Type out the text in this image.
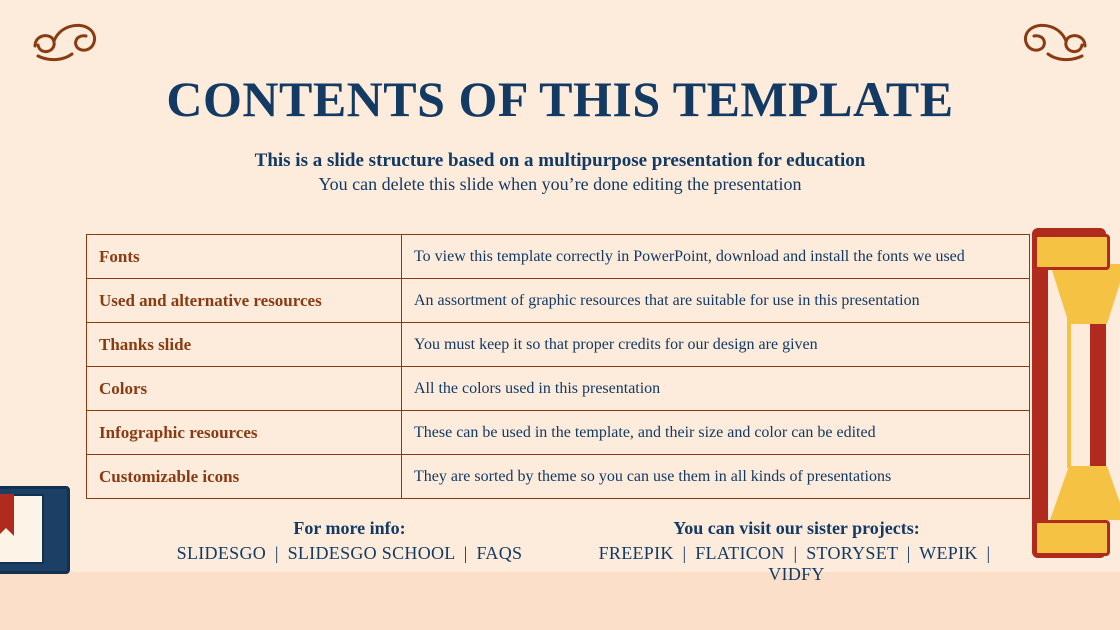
CONTENTS OF THIS TEMPLATE
This is a slide structure based on a multipurpose presentation for education
You can delete this slide when you’re done editing the presentation
Fonts	To view this template correctly in PowerPoint, download and install the fonts we used
Used and alternative resources	An assortment of graphic resources that are suitable for use in this presentation
Thanks slide	You must keep it so that proper credits for our design are given
Colors	All the colors used in this presentation
Infographic resources	These can be used in the template, and their size and color can be edited
Customizable icons	They are sorted by theme so you can use them in all kinds of presentations
For more info:
SLIDESGO | SLIDESGO SCHOOL | FAQS
You can visit our sister projects:
FREEPIK | FLATICON | STORYSET | WEPIK | VIDFY
